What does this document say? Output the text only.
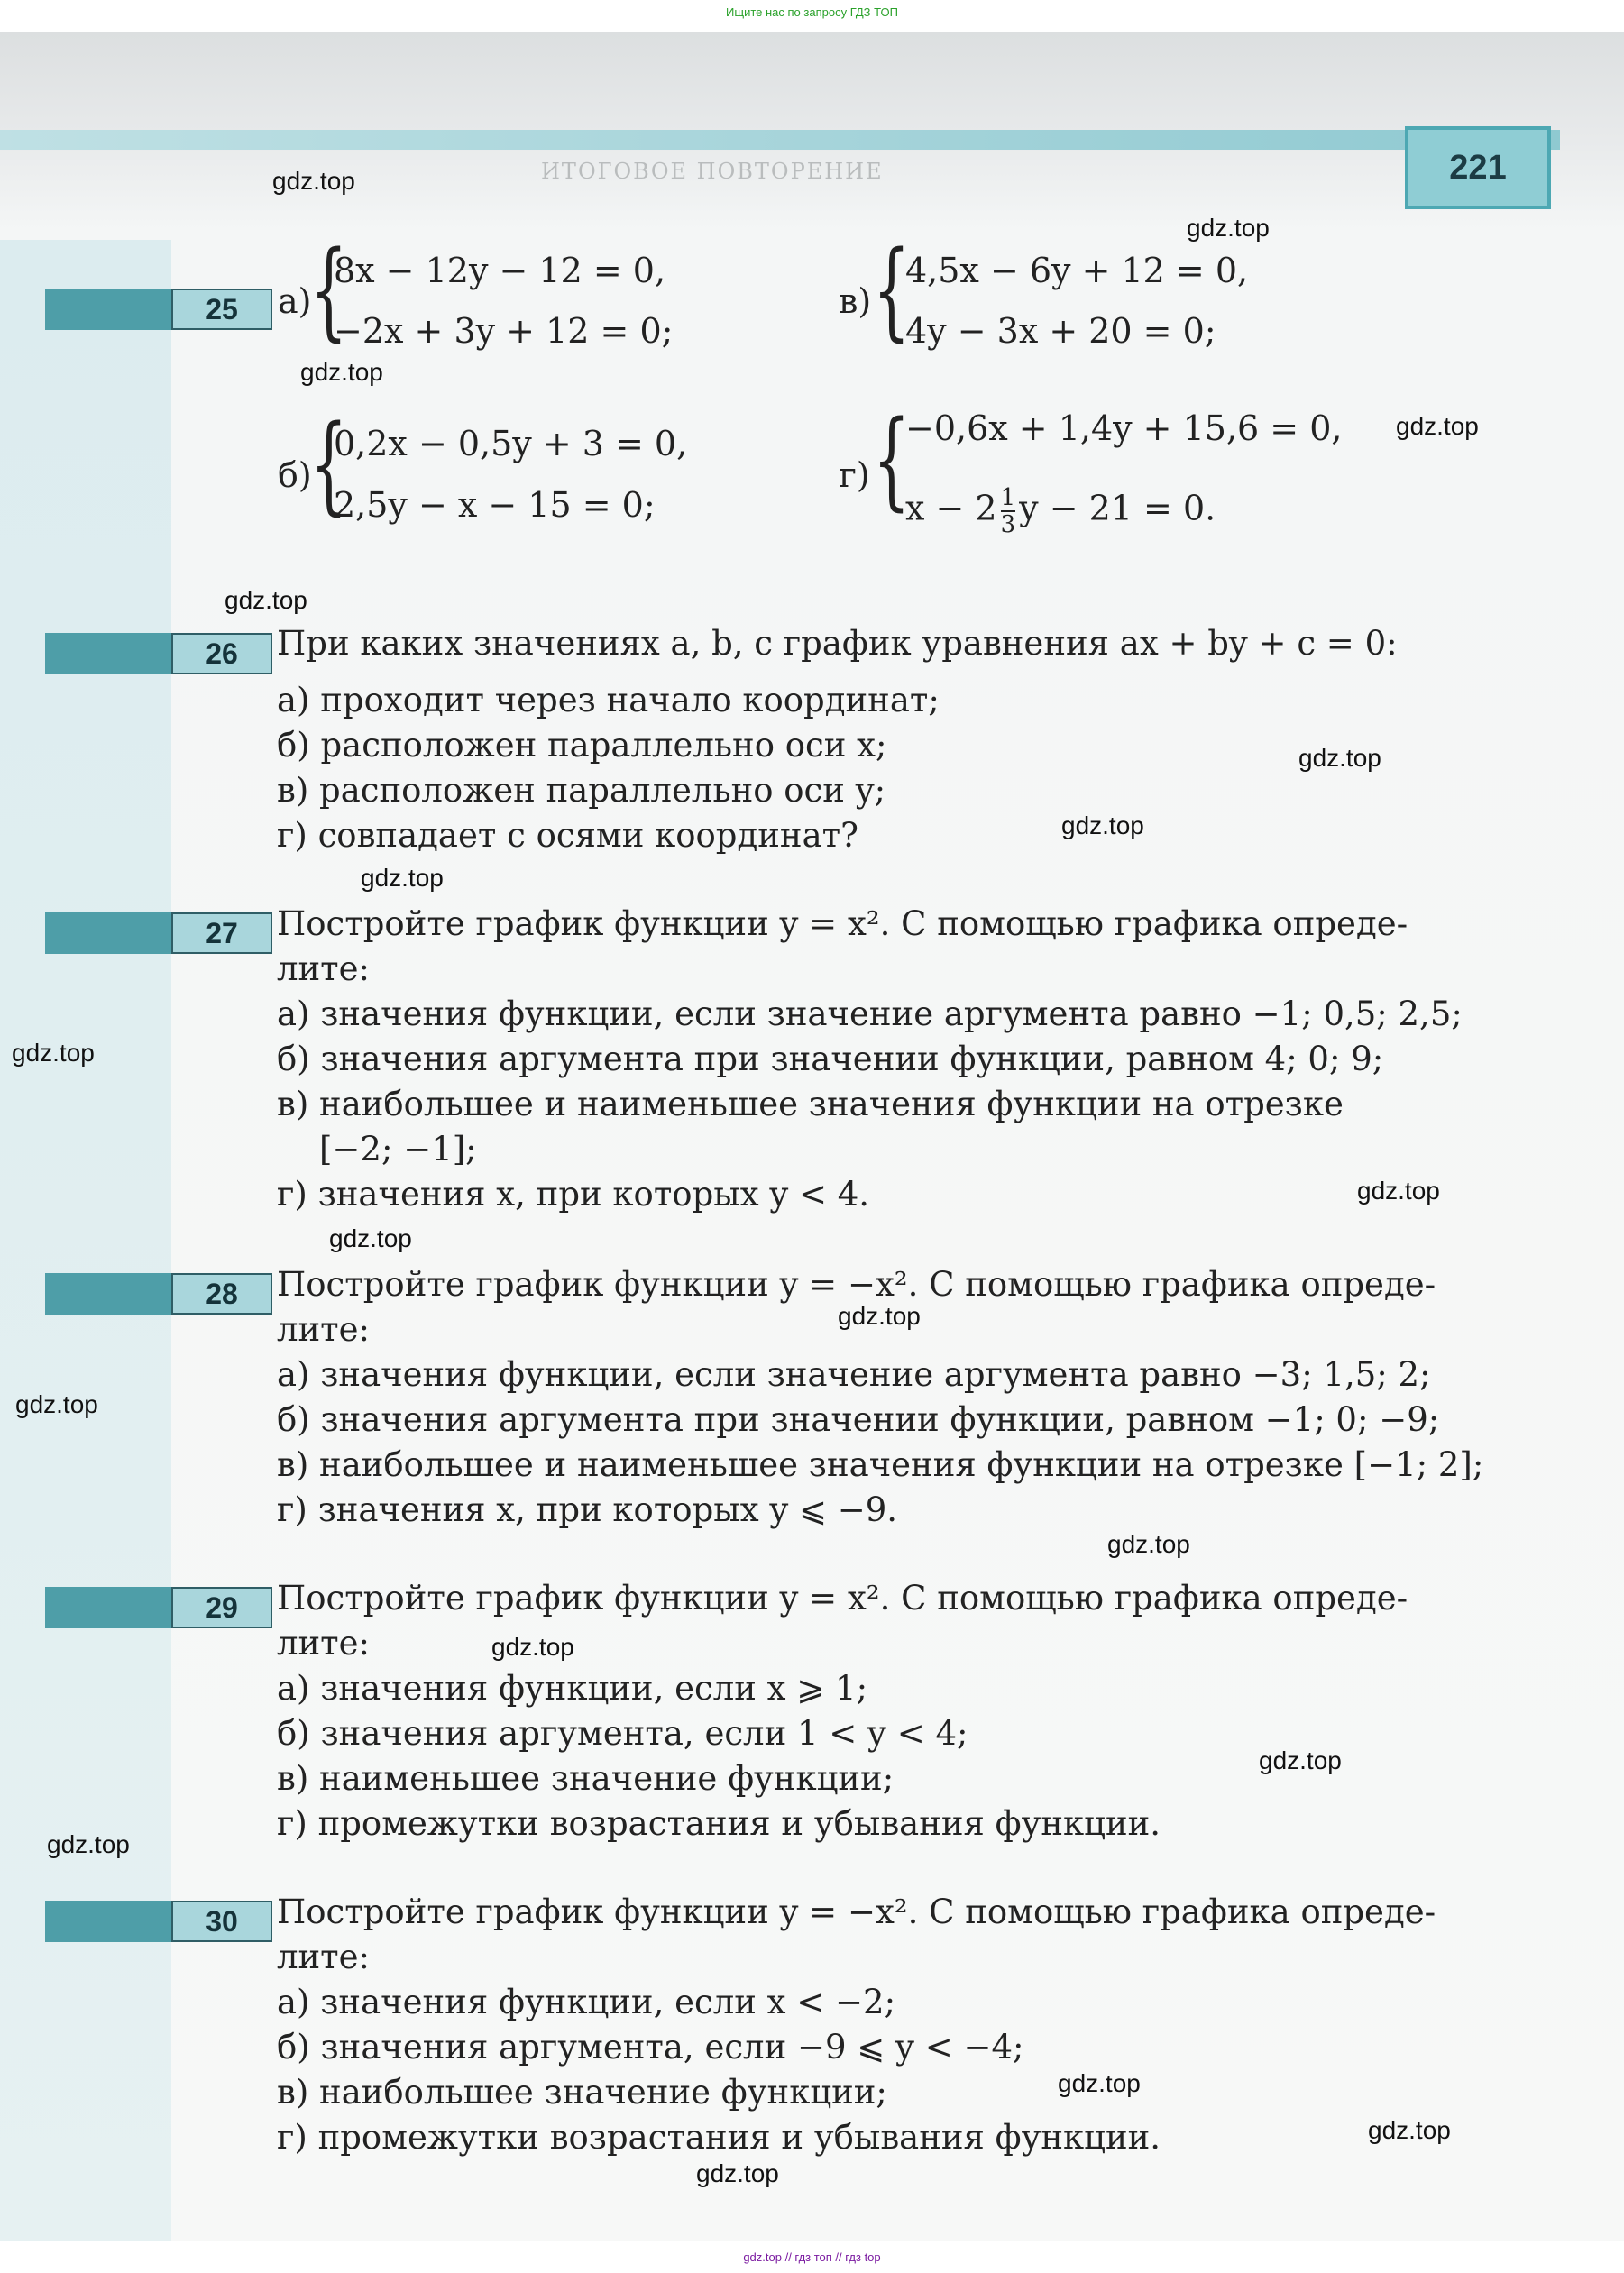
Ищите нас по запросу ГДЗ ТОП
ИТОГОВОЕ ПОВТОРЕНИЕ	221
25	а)
{
8x − 12y − 12 = 0,
−2x + 3y + 12 = 0;
в) {
4,5x − 6y + 12 = 0,
4y − 3x + 20 = 0;
б)
{
0,2x − 0,5y + 3 = 0,
2,5y − x − 15 = 0;
г) {
−0,6x + 1,4y + 15,6 = 0,
$x - 2 \frac{1}{3}$ y − 21 = 0.
26	При каких значениях a, b, c график уравнения ax + by + c = 0:
а) проходит через начало координат;
б) расположен параллельно оси x;
в) расположен параллельно оси y;
г) совпадает с осями координат?
27	Постройте график функции y = x². С помощью графика опреде-
лите:
а) значения функции, если значение аргумента равно −1; 0,5; 2,5;
б) значения аргумента при значении функции, равном 4; 0; 9;
в) наибольшее и наименьшее значения функции на отрезке
[−2; −1];
г) значения x, при которых y < 4.
28	Постройте график функции y = −x². С помощью графика опреде-
лите:
а) значения функции, если значение аргумента равно −3; 1,5; 2;
б) значения аргумента при значении функции, равном −1; 0; −9;
в) наибольшее и наименьшее значения функции на отрезке [−1; 2];
г) значения x, при которых y ⩽ −9.
29	Постройте график функции y = x². С помощью графика опреде-
лите:
а) значения функции, если x ⩾ 1;
б) значения аргумента, если 1 < y < 4;
в) наименьшее значение функции;
г) промежутки возрастания и убывания функции.
30	Постройте график функции y = −x². С помощью графика опреде-
лите:
а) значения функции, если x < −2;
б) значения аргумента, если −9 ⩽ y < −4;
в) наибольшее значение функции;
г) промежутки возрастания и убывания функции.
gdz.top
gdz.top
gdz.top
gdz.top
gdz.top
gdz.top
gdz.top
gdz.top
gdz.top
gdz.top
gdz.top
gdz.top
gdz.top
gdz.top
gdz.top
gdz.top
gdz.top
gdz.top
gdz.top
gdz.top
gdz.top // гдз топ // гдз top
